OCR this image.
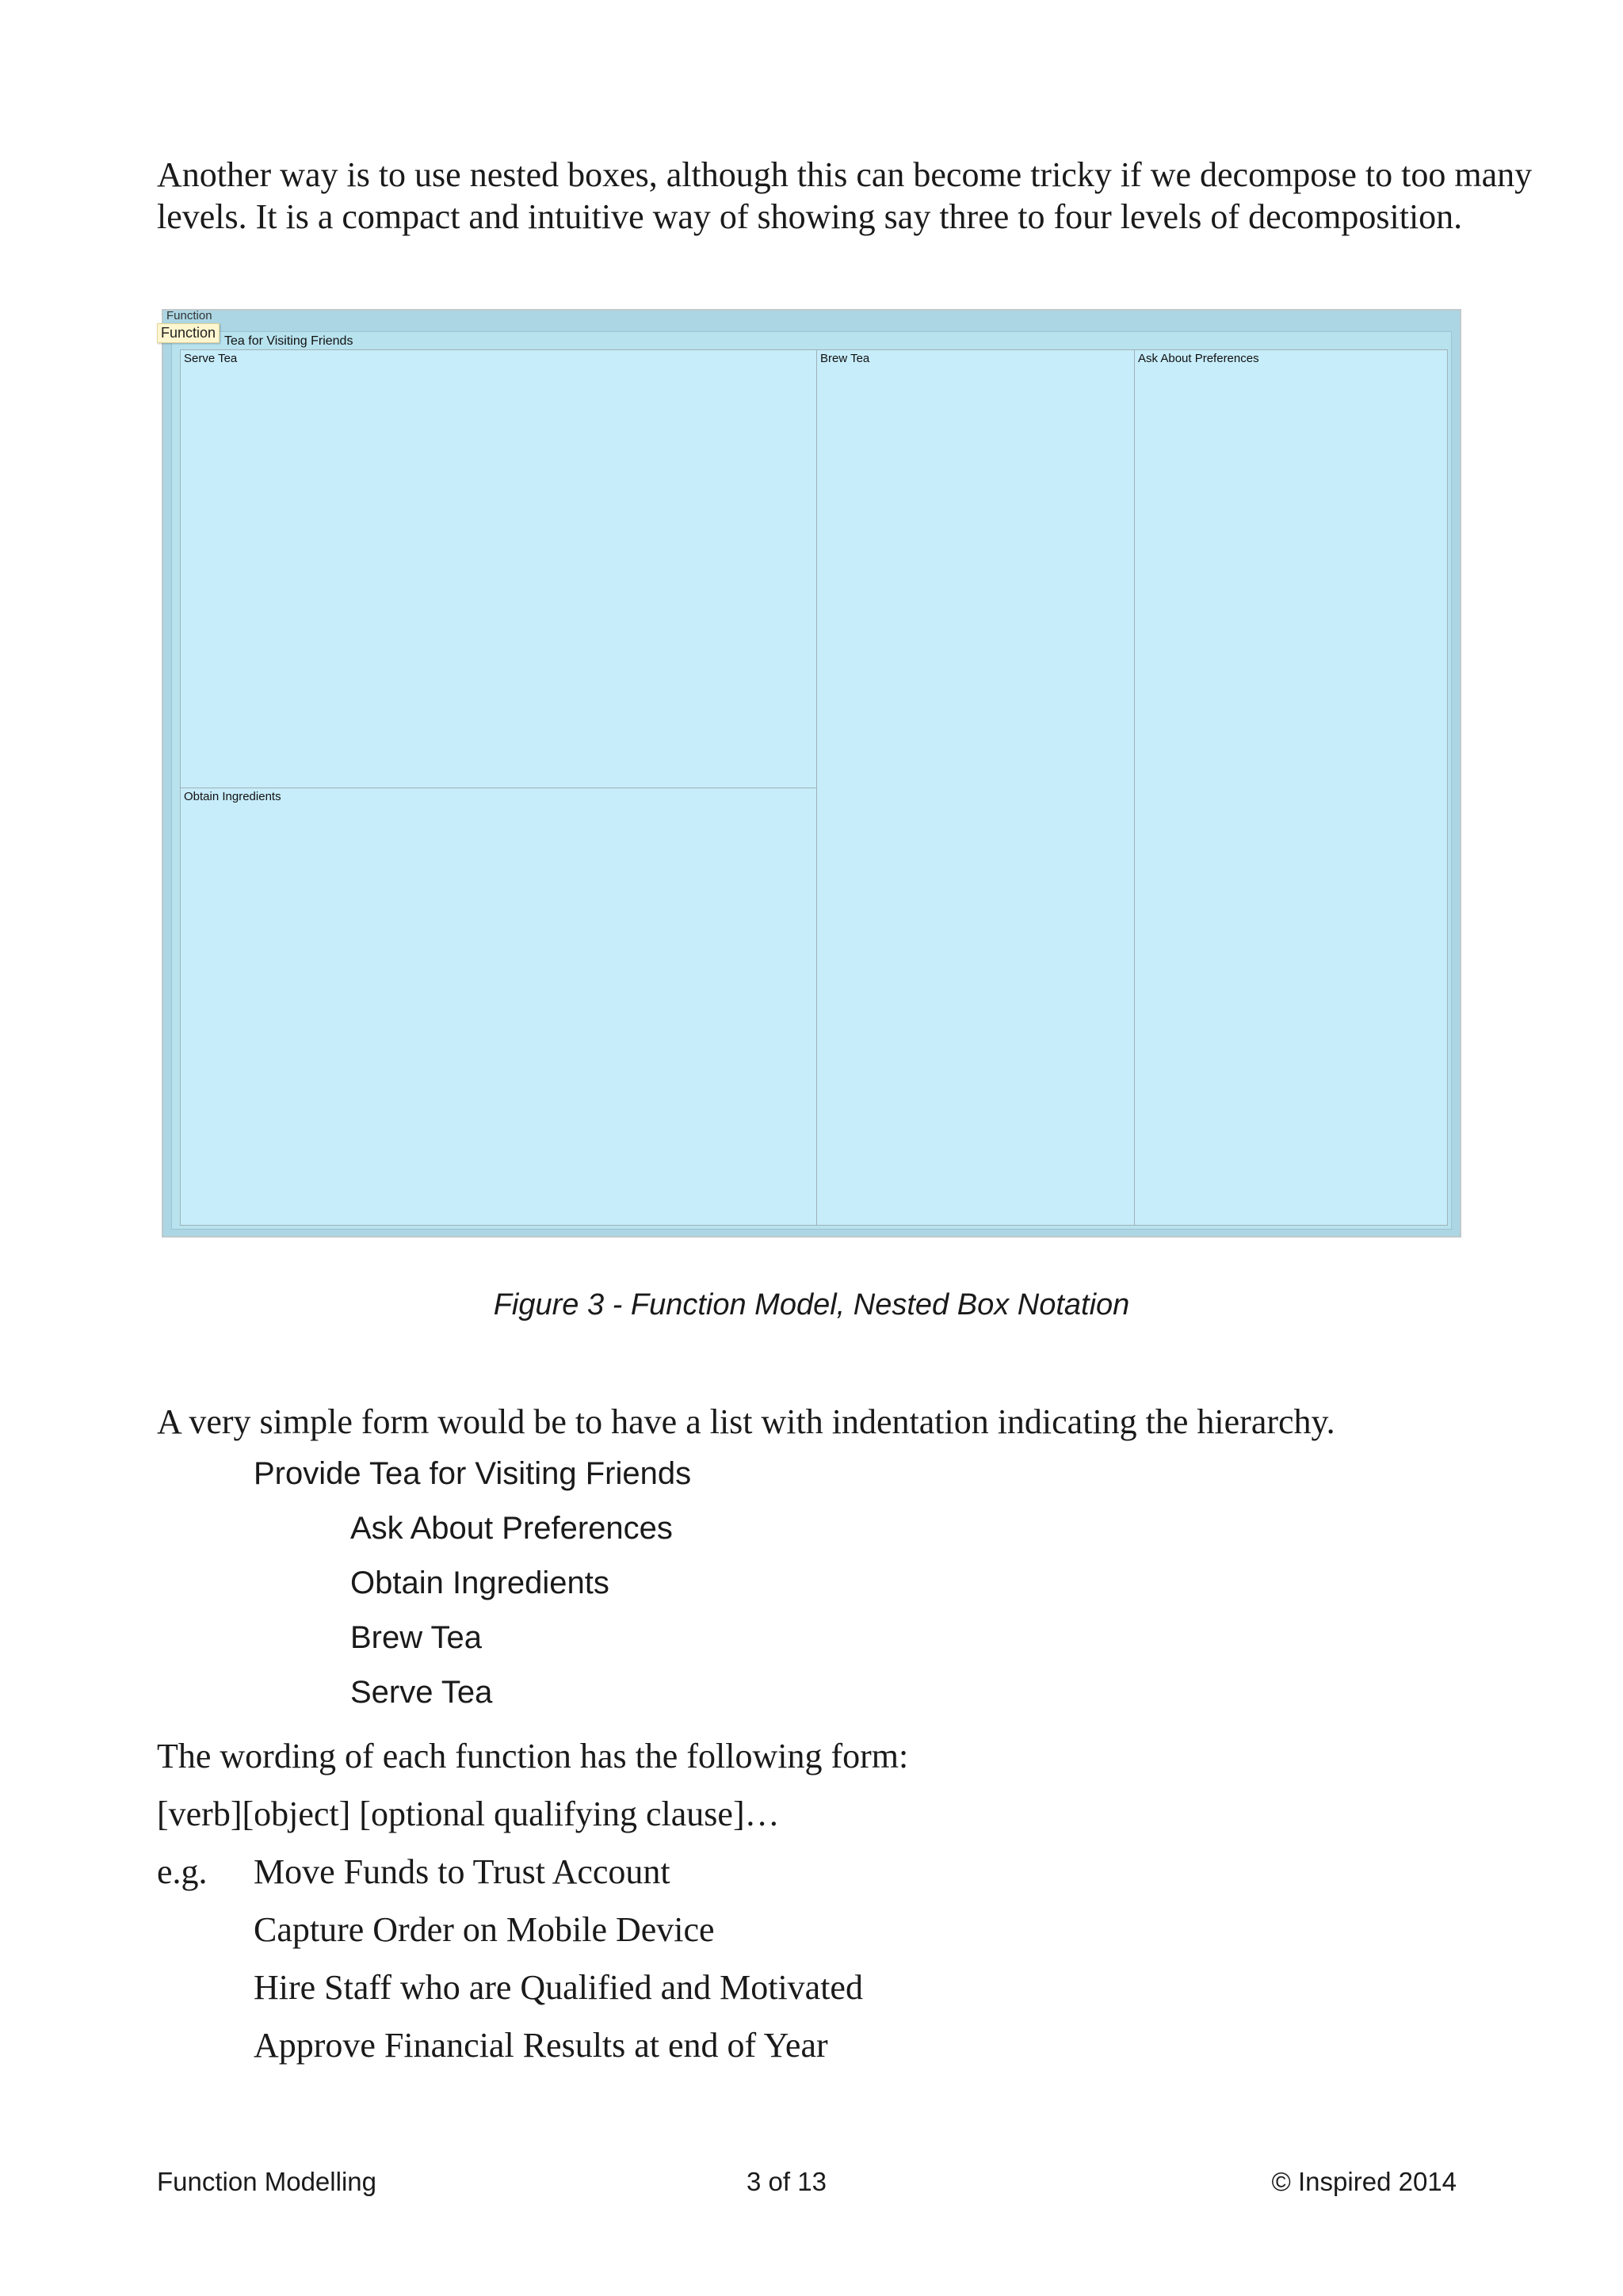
Another way is to use nested boxes, although this can become tricky if we decompose to too many

levels. It is a compact and intuitive way of showing say three to four levels of decomposition.

Function
Function
Tea for Visiting Friends
Serve Tea
Obtain Ingredients
Brew Tea	Ask About Preferences
Figure 3 - Function Model, Nested Box Notation

A very simple form would be to have a list with indentation indicating the hierarchy.

Provide Tea for Visiting Friends
Ask About Preferences
Obtain Ingredients
Brew Tea
Serve Tea

The wording of each function has the following form:

[verb][object] [optional qualifying clause]…

e.g. Move Funds to Trust Account

Capture Order on Mobile Device

Hire Staff who are Qualified and Motivated

Approve Financial Results at end of Year

Function Modelling	3 of 13	© Inspired 2014
